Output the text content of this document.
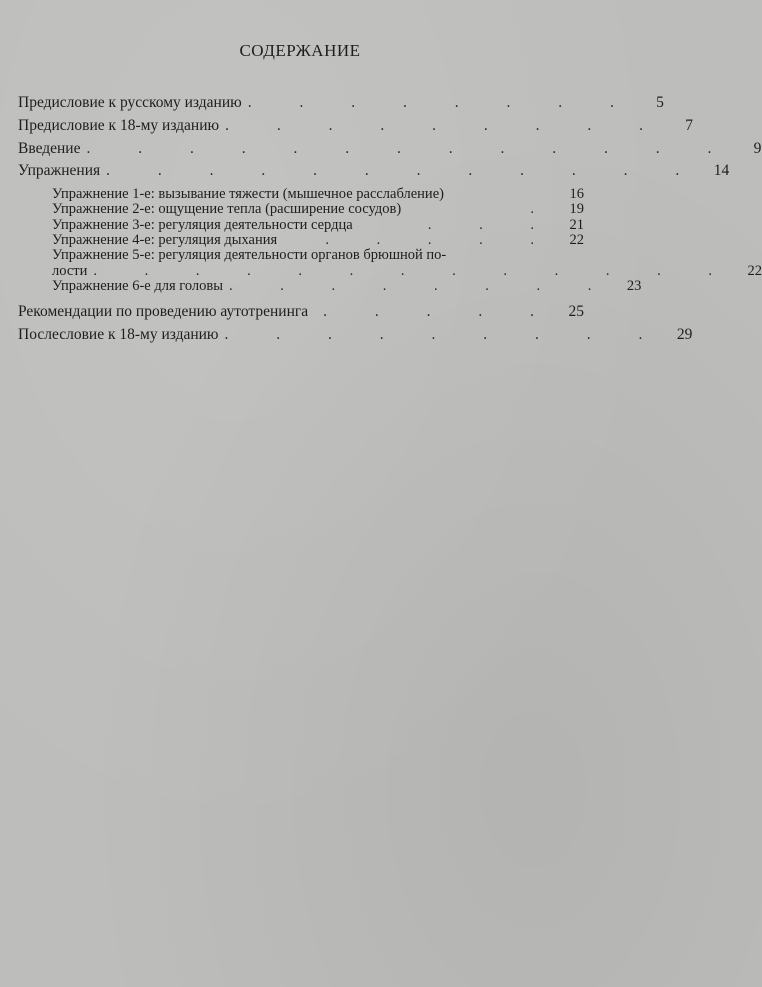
СОДЕРЖАНИЕ
Предисловие к русскому изданию . . . . . . . .	5
Предисловие к 18-му изданию . . . . . . . . .	7
Введение . . . . . . . . . . . . .	9
Упражнения . . . . . . . . . . . . 14
Упражнение 1-е: вызывание тяжести (мышечное расслабление)	16
Упражнение 2-е: ощущение тепла (расширение сосудов)	. 19
Упражнение 3-е: регуляция деятельности сердца	. . . 21
Упражнение 4-е: регуляция дыхания	. . . . . 22
Упражнение 5-е: регуляция деятельности органов брюшной по-
лости . . . . . . . . . . . . . 22
Упражнение 6-е для головы . . . . . . . . 23
Рекомендации по проведению аутотренинга . . . . . 25
Послесловие к 18-му изданию . . . . . . . . . 29
